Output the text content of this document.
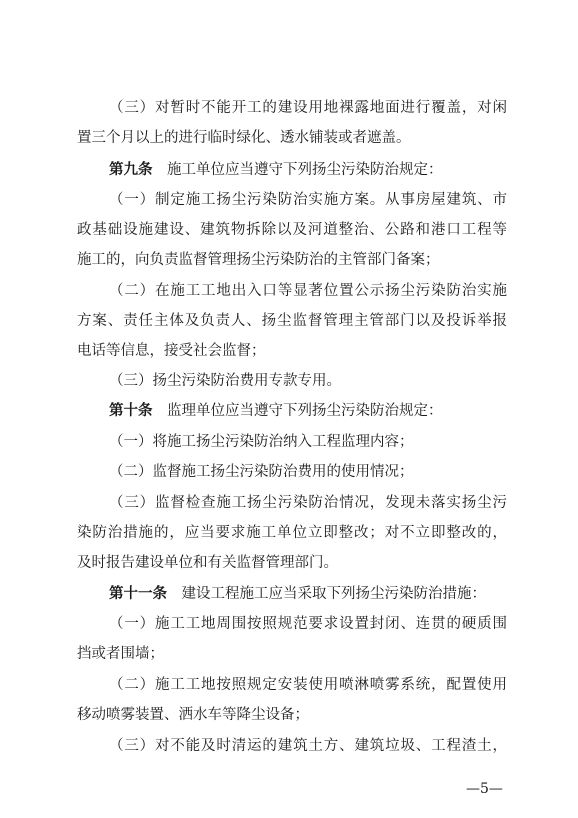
（三）对暂时不能开工的建设用地裸露地面进行覆盖，对闲
置三个月以上的进行临时绿化、透水铺装或者遮盖。
第九条　 施工单位应当遵守下列扬尘污染防治规定：
（一）制定施工扬尘污染防治实施方案。从事房屋建筑、市
政基础设施建设、建筑物拆除以及河道整治、公路和港口工程等
施工的，向负责监督管理扬尘污染防治的主管部门备案；
（二）在施工工地出入口等显著位置公示扬尘污染防治实施
方案、责任主体及负责人、扬尘监督管理主管部门以及投诉举报
电话等信息，接受社会监督；
（三）扬尘污染防治费用专款专用。
第十条　 监理单位应当遵守下列扬尘污染防治规定：
（一）将施工扬尘污染防治纳入工程监理内容；
（二）监督施工扬尘污染防治费用的使用情况；
（三）监督检查施工扬尘污染防治情况，发现未落实扬尘污
染防治措施的，应当要求施工单位立即整改；对不立即整改的，
及时报告建设单位和有关监督管理部门。
第十一条　 建设工程施工应当采取下列扬尘污染防治措施：
（一）施工工地周围按照规范要求设置封闭、连贯的硬质围
挡或者围墙；
（二）施工工地按照规定安装使用喷淋喷雾系统，配置使用
移动喷雾装置、洒水车等降尘设备；
（三）对不能及时清运的建筑土方、建筑垃圾、工程渣土，
—5—
